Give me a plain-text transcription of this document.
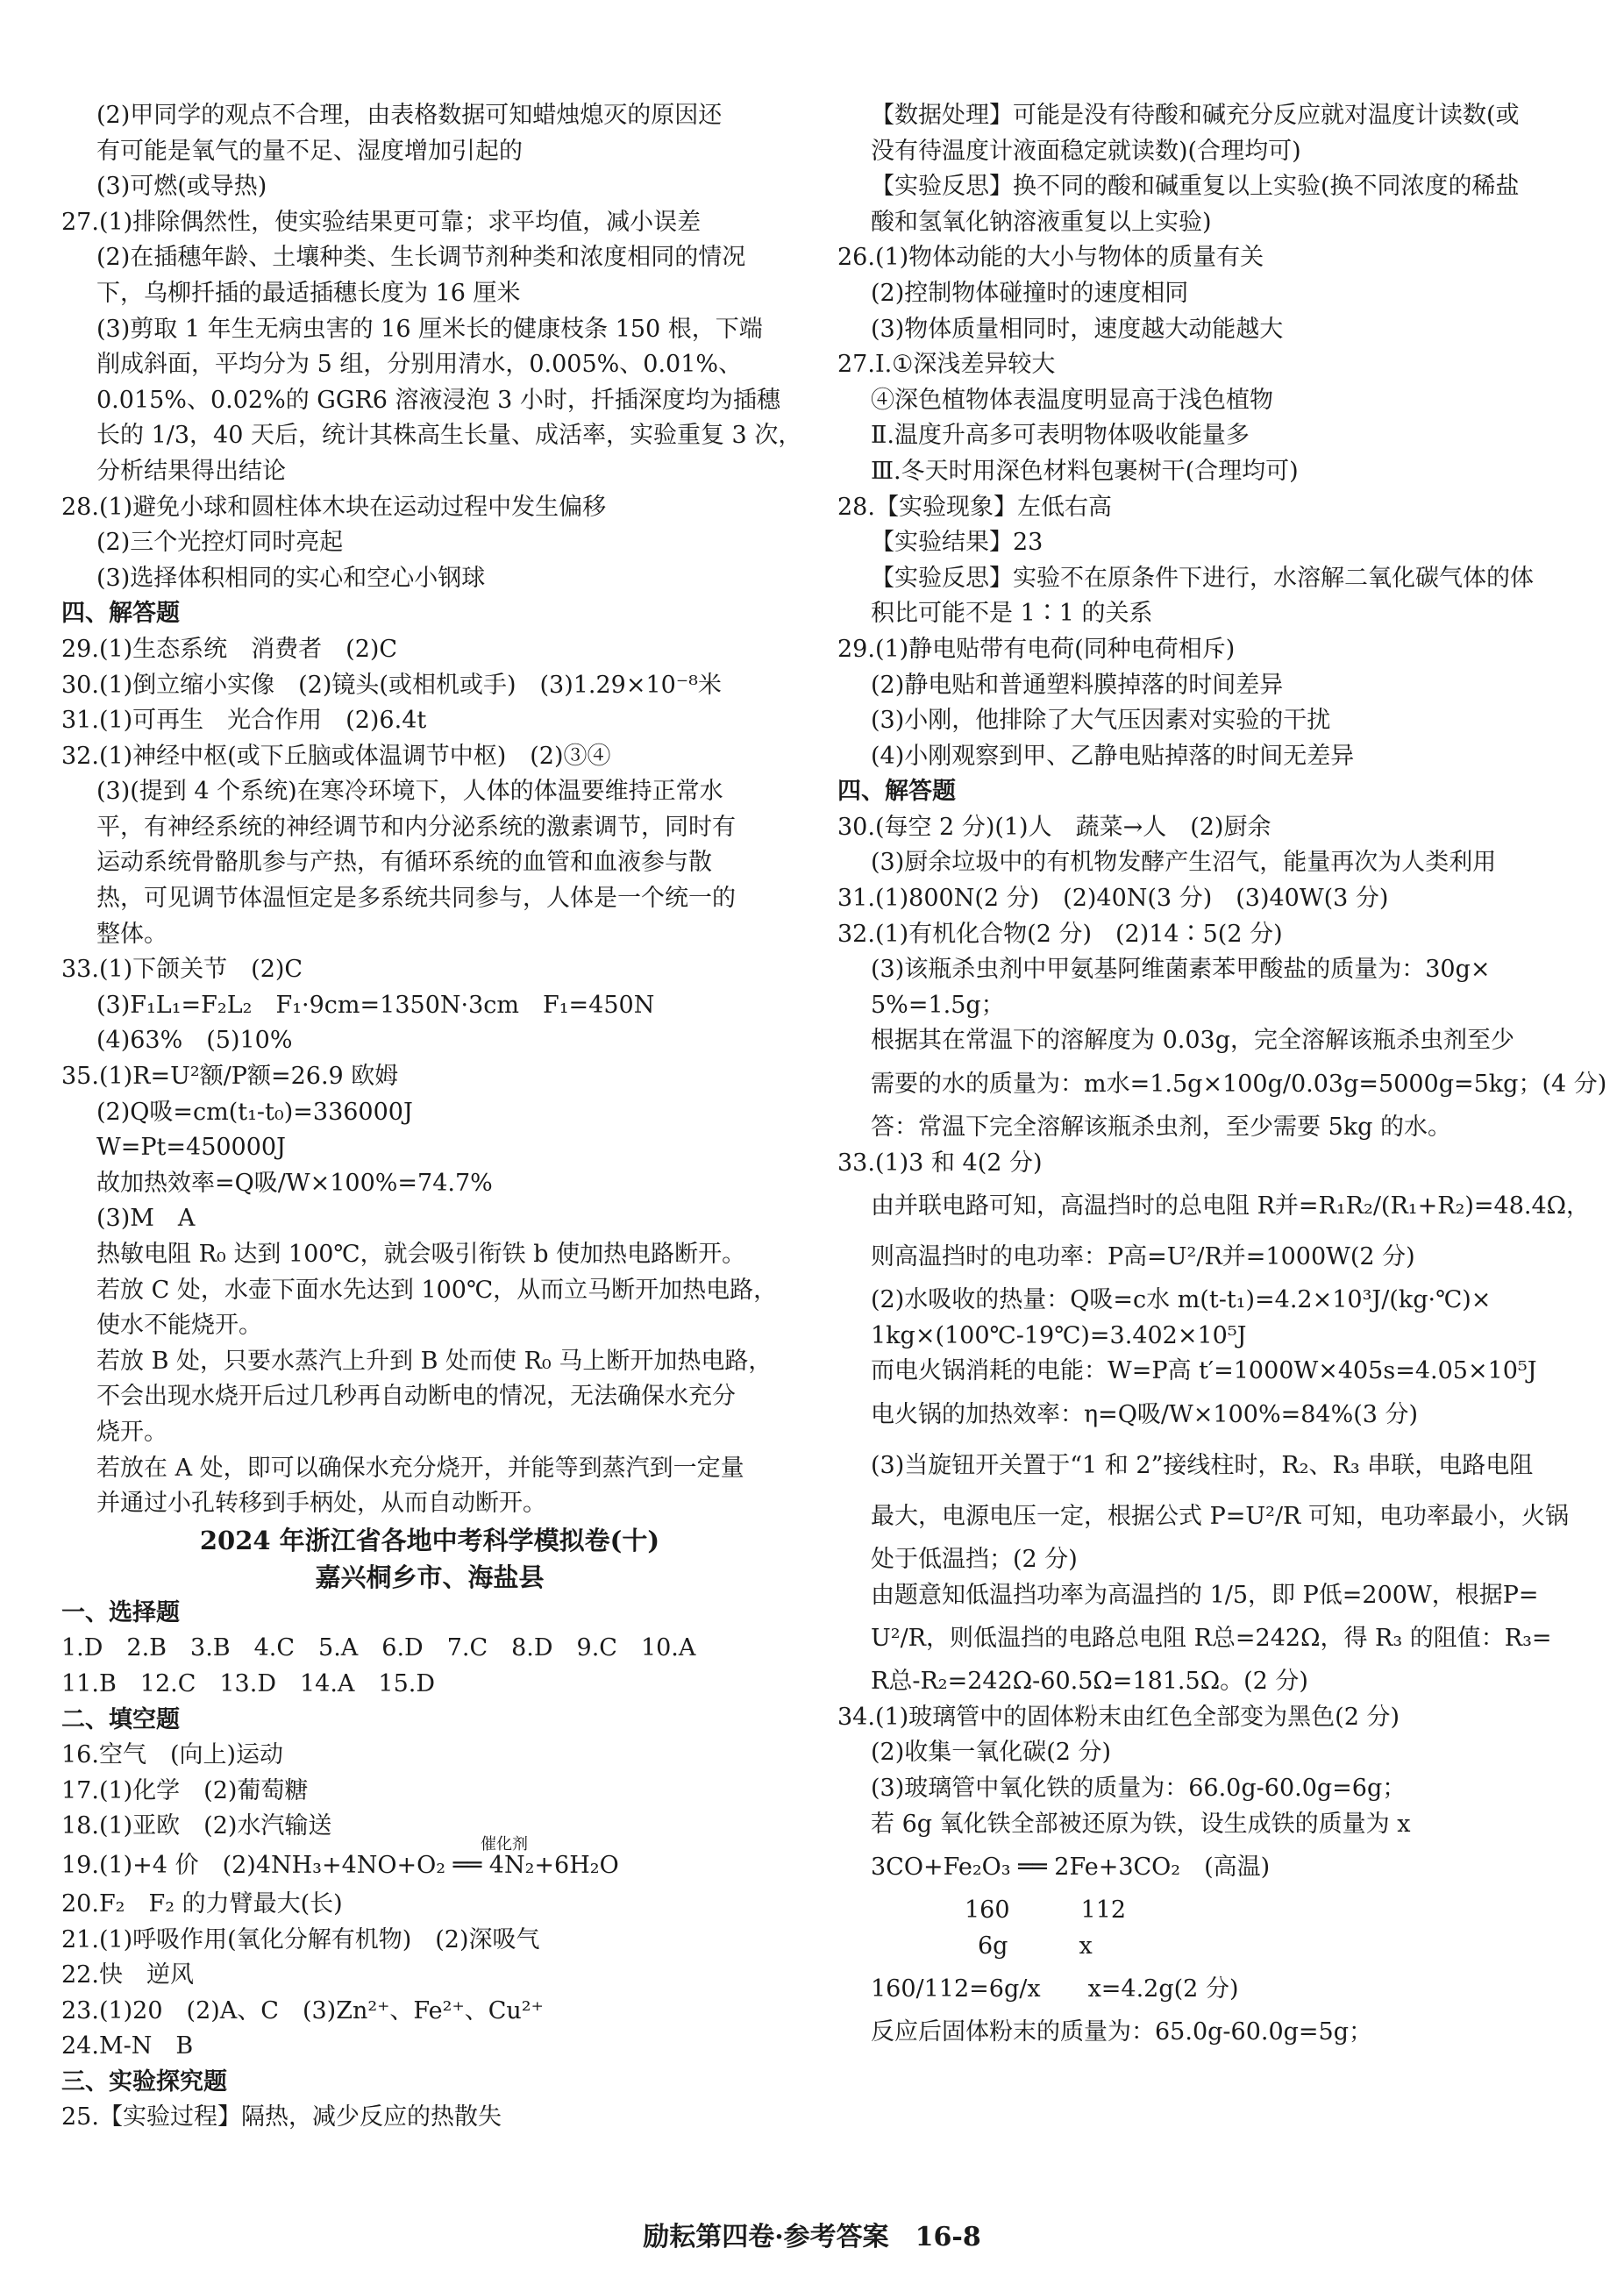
(2)甲同学的观点不合理，由表格数据可知蜡烛熄灭的原因还
有可能是氧气的量不足、湿度增加引起的
(3)可燃(或导热)
27.(1)排除偶然性，使实验结果更可靠；求平均值，减小误差
(2)在插穗年龄、土壤种类、生长调节剂种类和浓度相同的情况
下，乌柳扦插的最适插穗长度为 16 厘米
(3)剪取 1 年生无病虫害的 16 厘米长的健康枝条 150 根，下端
削成斜面，平均分为 5 组，分别用清水，0.005%、0.01%、
0.015%、0.02%的 GGR6 溶液浸泡 3 小时，扦插深度均为插穗
长的 1/3，40 天后，统计其株高生长量、成活率，实验重复 3 次，
分析结果得出结论
28.(1)避免小球和圆柱体木块在运动过程中发生偏移
(2)三个光控灯同时亮起
(3)选择体积相同的实心和空心小钢球
四、解答题
29.(1)生态系统　消费者　(2)C
30.(1)倒立缩小实像　(2)镜头(或相机或手)　(3)1.29×10⁻⁸米
31.(1)可再生　光合作用　(2)6.4t
32.(1)神经中枢(或下丘脑或体温调节中枢)　(2)③④
(3)(提到 4 个系统)在寒冷环境下，人体的体温要维持正常水
平，有神经系统的神经调节和内分泌系统的激素调节，同时有
运动系统骨骼肌参与产热，有循环系统的血管和血液参与散
热，可见调节体温恒定是多系统共同参与，人体是一个统一的
整体。
33.(1)下颌关节　(2)C
(3)F₁L₁=F₂L₂　F₁·9cm=1350N·3cm　F₁=450N
(4)63%　(5)10%
35.(1)R=U²额/P额=26.9 欧姆
(2)Q吸=cm(t₁-t₀)=336000J
W=Pt=450000J
故加热效率=Q吸/W×100%=74.7%
(3)M　A
热敏电阻 R₀ 达到 100℃，就会吸引衔铁 b 使加热电路断开。
若放 C 处，水壶下面水先达到 100℃，从而立马断开加热电路，
使水不能烧开。
若放 B 处，只要水蒸汽上升到 B 处而使 R₀ 马上断开加热电路，
不会出现水烧开后过几秒再自动断电的情况，无法确保水充分
烧开。
若放在 A 处，即可以确保水充分烧开，并能等到蒸汽到一定量
并通过小孔转移到手柄处，从而自动断开。
2024 年浙江省各地中考科学模拟卷(十)
嘉兴桐乡市、海盐县
一、选择题
1.D　2.B　3.B　4.C　5.A　6.D　7.C　8.D　9.C　10.A
11.B　12.C　13.D　14.A　15.D
二、填空题
16.空气　(向上)运动
17.(1)化学　(2)葡萄糖
18.(1)亚欧　(2)水汽输送
19.(1)+4 价　(2)4NH₃+4NO+O₂ ══ 4N₂+6H₂O
催化剂
20.F₂　F₂ 的力臂最大(长)
21.(1)呼吸作用(氧化分解有机物)　(2)深吸气
22.快　逆风
23.(1)20　(2)A、C　(3)Zn²⁺、Fe²⁺、Cu²⁺
24.M-N　B
三、实验探究题
25.【实验过程】隔热，减少反应的热散失
【数据处理】可能是没有待酸和碱充分反应就对温度计读数(或
没有待温度计液面稳定就读数)(合理均可)
【实验反思】换不同的酸和碱重复以上实验(换不同浓度的稀盐
酸和氢氧化钠溶液重复以上实验)
26.(1)物体动能的大小与物体的质量有关
(2)控制物体碰撞时的速度相同
(3)物体质量相同时，速度越大动能越大
27.Ⅰ.①深浅差异较大
④深色植物体表温度明显高于浅色植物
Ⅱ.温度升高多可表明物体吸收能量多
Ⅲ.冬天时用深色材料包裹树干(合理均可)
28.【实验现象】左低右高
【实验结果】23
【实验反思】实验不在原条件下进行，水溶解二氧化碳气体的体
积比可能不是 1∶1 的关系
29.(1)静电贴带有电荷(同种电荷相斥)
(2)静电贴和普通塑料膜掉落的时间差异
(3)小刚，他排除了大气压因素对实验的干扰
(4)小刚观察到甲、乙静电贴掉落的时间无差异
四、解答题
30.(每空 2 分)(1)人　蔬菜→人　(2)厨余
(3)厨余垃圾中的有机物发酵产生沼气，能量再次为人类利用
31.(1)800N(2 分)　(2)40N(3 分)　(3)40W(3 分)
32.(1)有机化合物(2 分)　(2)14∶5(2 分)
(3)该瓶杀虫剂中甲氨基阿维菌素苯甲酸盐的质量为：30g×
5%=1.5g；
根据其在常温下的溶解度为 0.03g，完全溶解该瓶杀虫剂至少
需要的水的质量为：m水=1.5g×100g/0.03g=5000g=5kg；(4 分)
答：常温下完全溶解该瓶杀虫剂，至少需要 5kg 的水。
33.(1)3 和 4(2 分)
由并联电路可知，高温挡时的总电阻 R并=R₁R₂/(R₁+R₂)=48.4Ω，
则高温挡时的电功率：P高=U²/R并=1000W(2 分)
(2)水吸收的热量：Q吸=c水 m(t-t₁)=4.2×10³J/(kg·℃)×
1kg×(100℃-19℃)=3.402×10⁵J
而电火锅消耗的电能：W=P高 t′=1000W×405s=4.05×10⁵J
电火锅的加热效率：η=Q吸/W×100%=84%(3 分)
(3)当旋钮开关置于“1 和 2”接线柱时，R₂、R₃ 串联，电路电阻
最大，电源电压一定，根据公式 P=U²/R 可知，电功率最小，火锅
处于低温挡；(2 分)
由题意知低温挡功率为高温挡的 1/5，即 P低=200W，根据P=
U²/R，则低温挡的电路总电阻 R总=242Ω，得 R₃ 的阻值：R₃=
R总-R₂=242Ω-60.5Ω=181.5Ω。(2 分)
34.(1)玻璃管中的固体粉末由红色全部变为黑色(2 分)
(2)收集一氧化碳(2 分)
(3)玻璃管中氧化铁的质量为：66.0g-60.0g=6g；
若 6g 氧化铁全部被还原为铁，设生成铁的质量为 x
3CO+Fe₂O₃ ══ 2Fe+3CO₂　(高温)
160　　　112
6g　　　x
160/112=6g/x　　x=4.2g(2 分)
反应后固体粉末的质量为：65.0g-60.0g=5g；
励耘第四卷·参考答案　16-8
